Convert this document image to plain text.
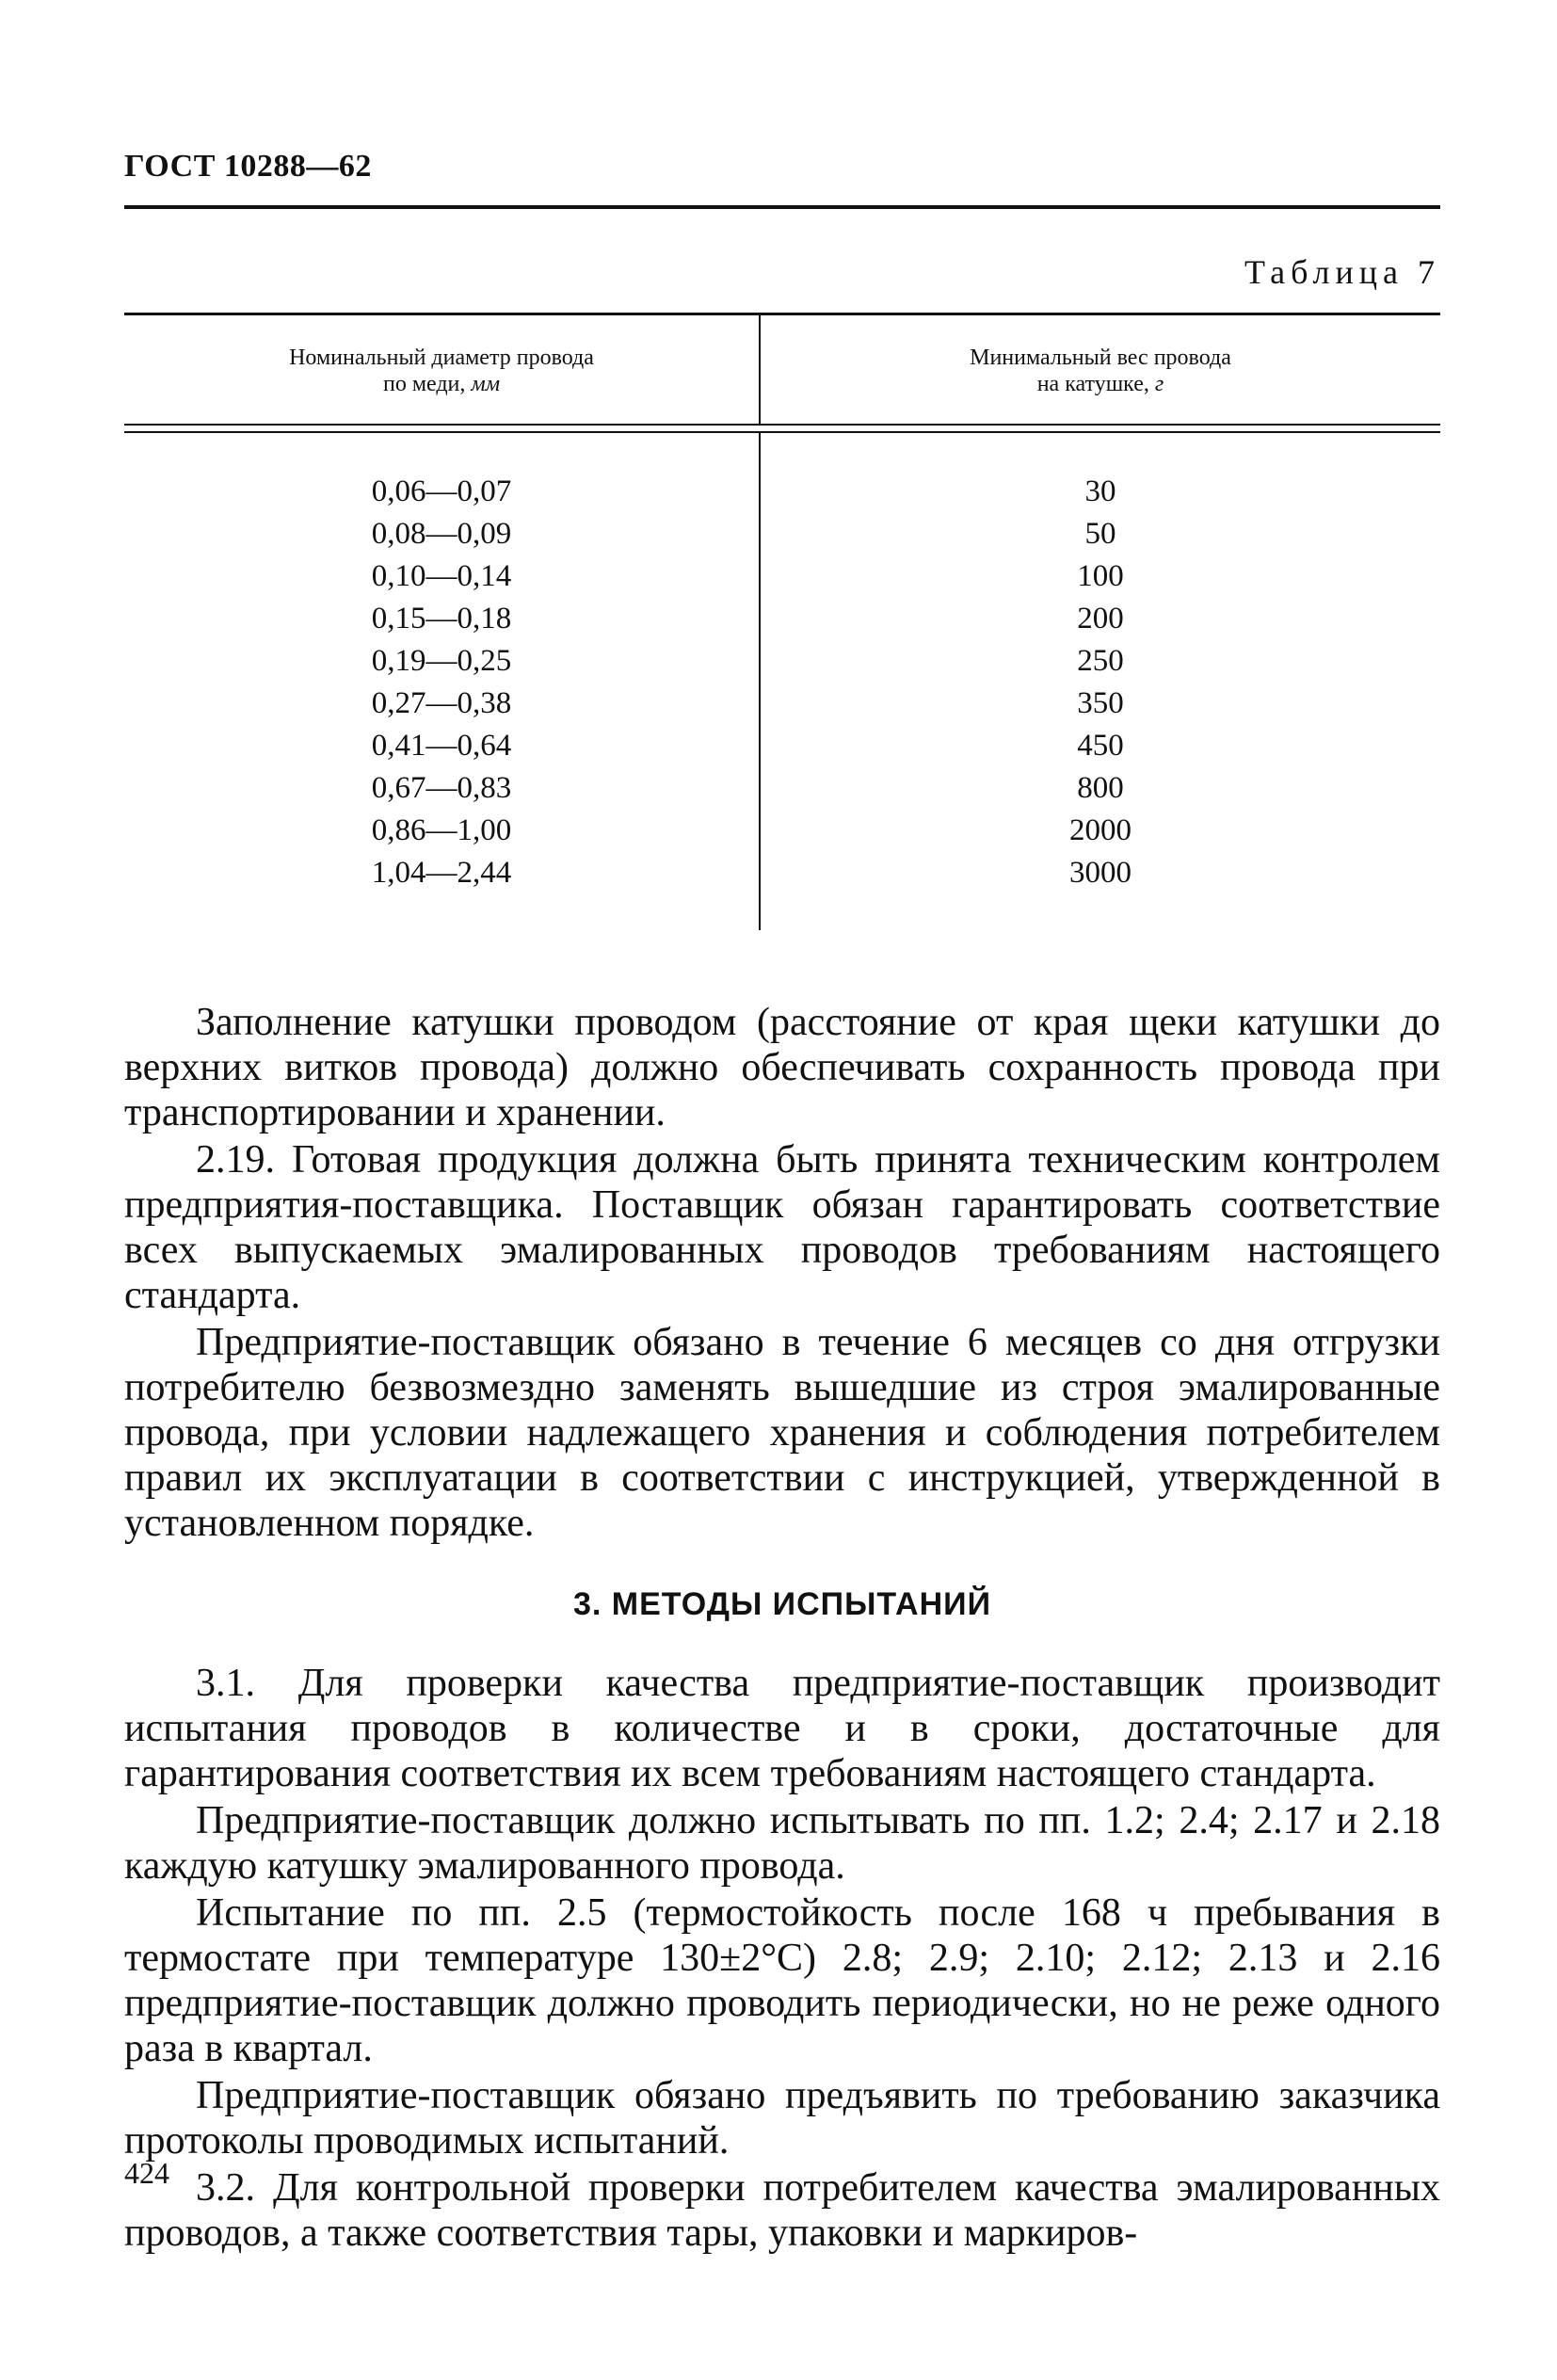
ГОСТ 10288—62
Таблица 7
Номинальный диаметр провода
по меди, мм
Минимальный вес провода
на катушке, г
0,06—0,07
0,08—0,09
0,10—0,14
0,15—0,18
0,19—0,25
0,27—0,38
0,41—0,64
0,67—0,83
0,86—1,00
1,04—2,44
30
50
100
200
250
350
450
800
2000
3000

Заполнение катушки проводом (расстояние от края щеки катушки до верхних витков провода) должно обеспечивать сохранность провода при транспортировании и хранении.

2.19. Готовая продукция должна быть принята техническим контролем предприятия-поставщика. Поставщик обязан гарантировать соответствие всех выпускаемых эмалированных проводов требованиям настоящего стандарта.

Предприятие-поставщик обязано в течение 6 месяцев со дня отгрузки потребителю безвозмездно заменять вышедшие из строя эмалированные провода, при условии надлежащего хранения и соблюдения потребителем правил их эксплуатации в соответствии с инструкцией, утвержденной в установленном порядке.

3. МЕТОДЫ ИСПЫТАНИЙ

3.1. Для проверки качества предприятие-поставщик производит испытания проводов в количестве и в сроки, достаточные для гарантирования соответствия их всем требованиям настоящего стандарта.

Предприятие-поставщик должно испытывать по пп. 1.2; 2.4; 2.17 и 2.18 каждую катушку эмалированного провода.

Испытание по пп. 2.5 (термостойкость после 168 ч пребывания в термостате при температуре 130±2°С) 2.8; 2.9; 2.10; 2.12; 2.13 и 2.16 предприятие-поставщик должно проводить периодически, но не реже одного раза в квартал.

Предприятие-поставщик обязано предъявить по требованию заказчика протоколы проводимых испытаний.

3.2. Для контрольной проверки потребителем качества эмалированных проводов, а также соответствия тары, упаковки и маркиров-

424
